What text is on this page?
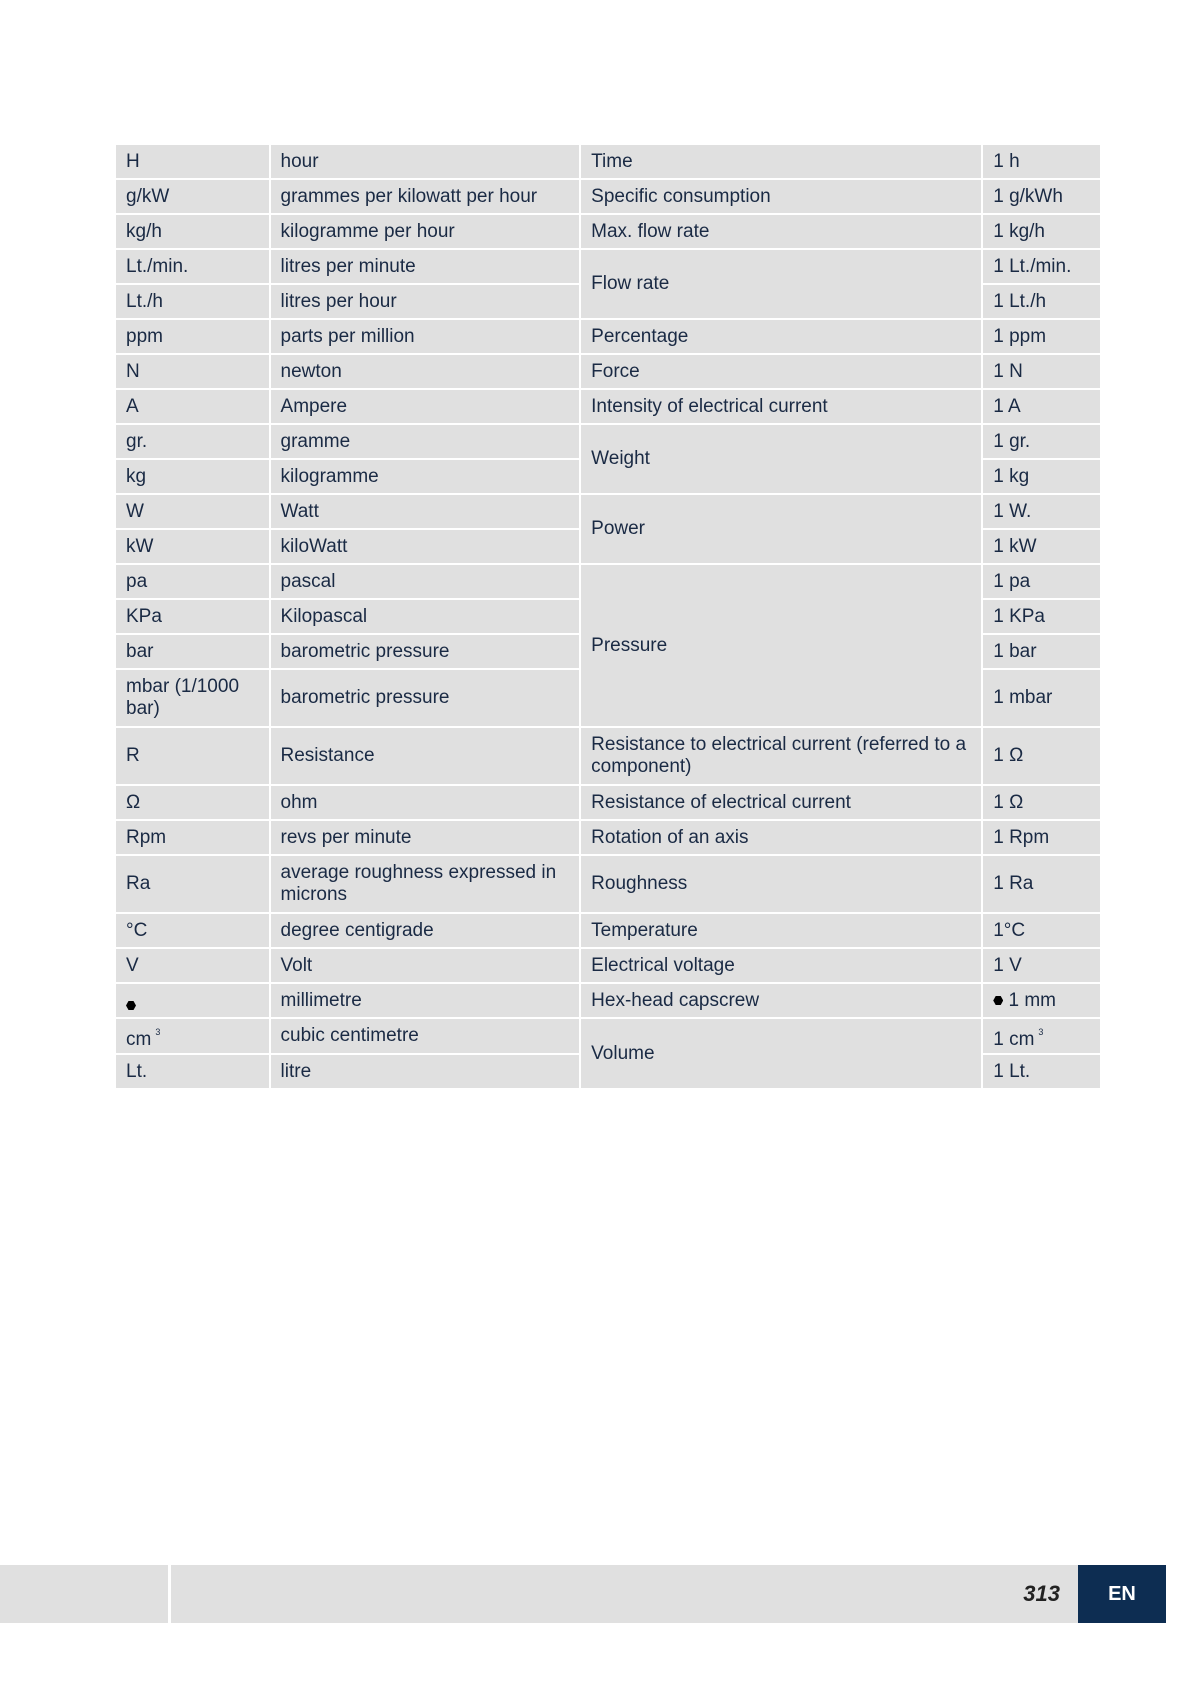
H	hour	Time	1 h
g/kW	grammes per kilowatt per hour	Specific consumption	1 g/kWh
kg/h	kilogramme per hour	Max. flow rate	1 kg/h
Lt./min.	litres per minute	Flow rate	1 Lt./min.
Lt./h	litres per hour		1 Lt./h
ppm	parts per million	Percentage	1 ppm
N	newton	Force	1 N
A	Ampere	Intensity of electrical current	1 A
gr.	gramme	Weight	1 gr.
kg	kilogramme		1 kg
W	Watt	Power	1 W.
kW	kiloWatt		1 kW
pa	pascal	Pressure	1 pa
KPa	Kilopascal		1 KPa
bar	barometric pressure		1 bar
mbar (1/1000 bar)	barometric pressure		1 mbar
R	Resistance	Resistance to electrical current (referred to a component)	1 Ω
Ω	ohm	Resistance of electrical current	1 Ω
Rpm	revs per minute	Rotation of an axis	1 Rpm
Ra	average roughness expressed in microns	Roughness	1 Ra
°C	degree centigrade	Temperature	1°C
V	Volt	Electrical voltage	1 V
	millimetre	Hex-head capscrew	1 mm
cm $^3$	cubic centimetre	Volume	1 cm $^3$
Lt.	litre		1 Lt.
313	EN
